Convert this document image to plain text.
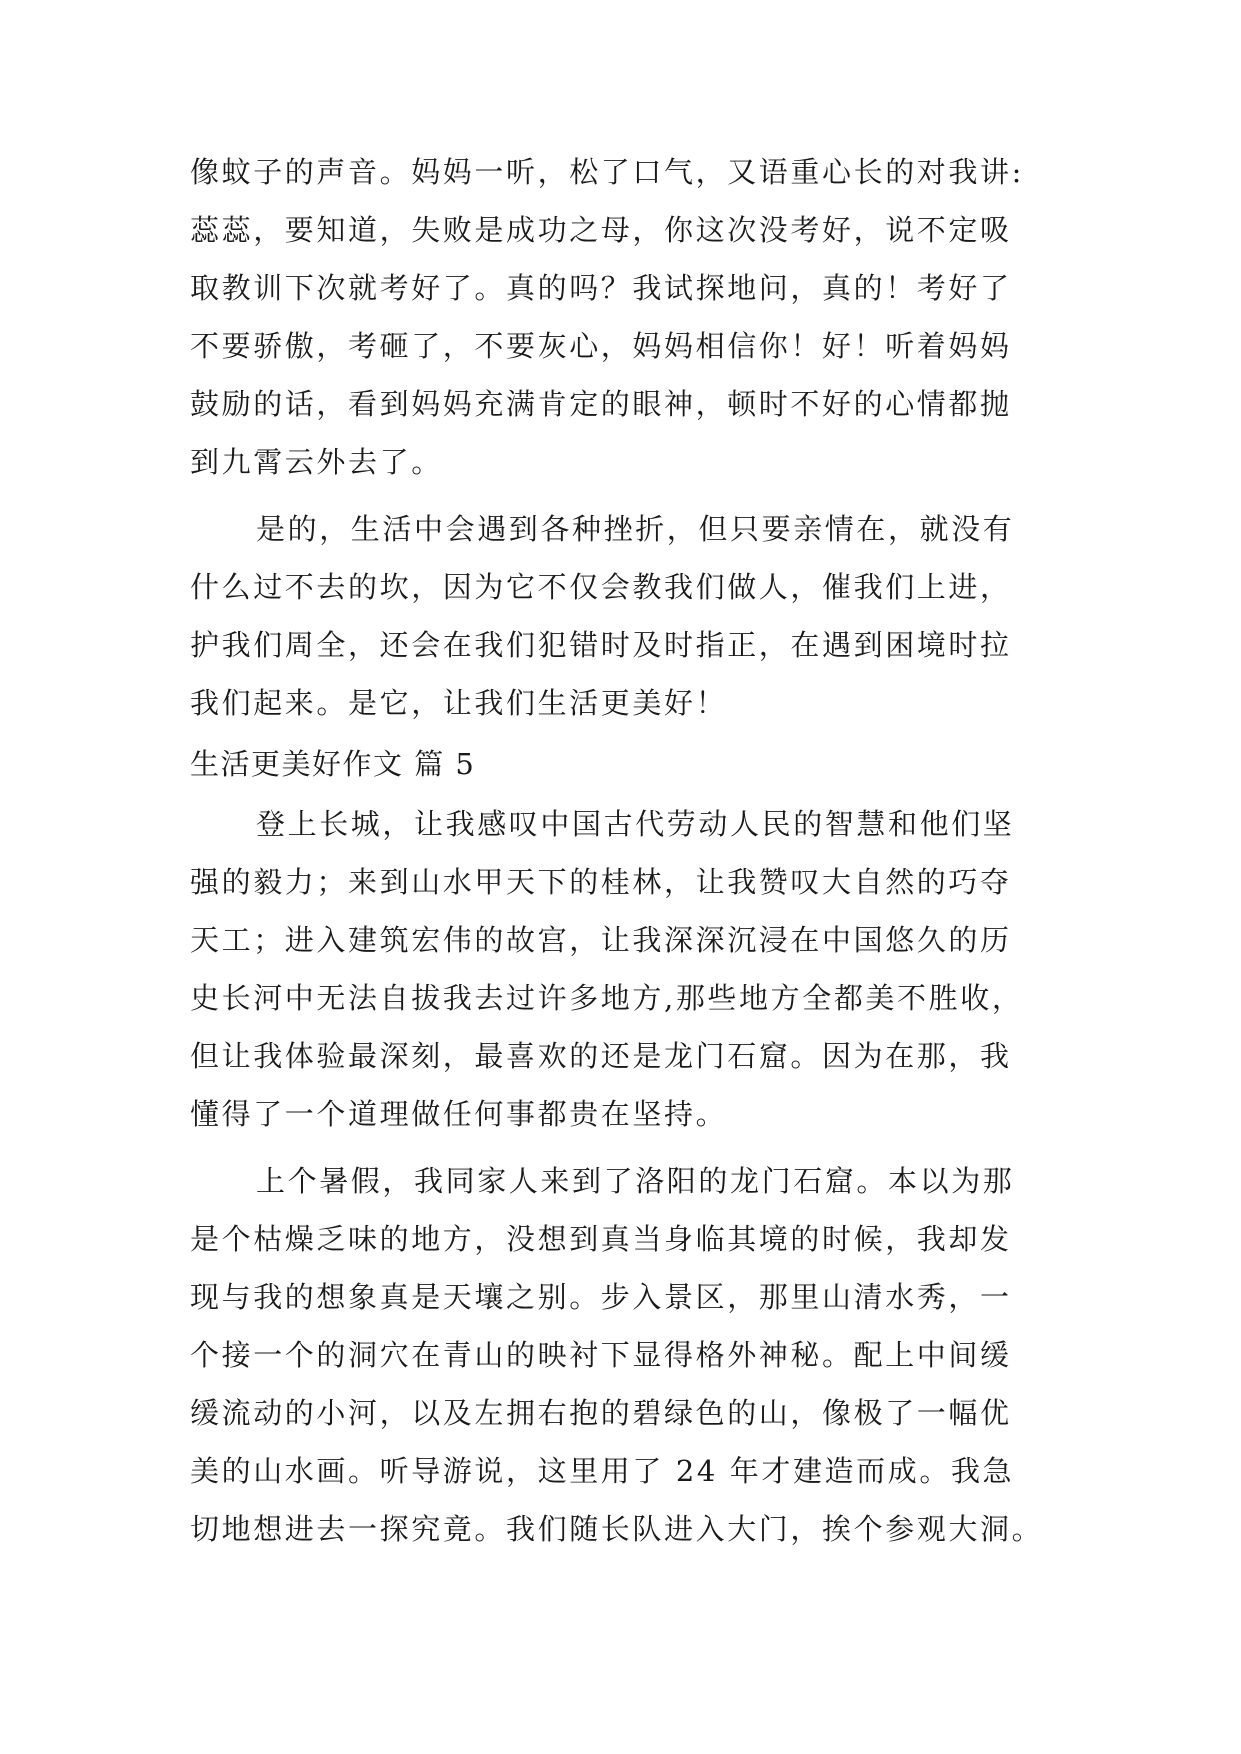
像蚊子的声音。妈妈一听，松了口气，又语重心长的对我讲:
蕊蕊，要知道，失败是成功之母，你这次没考好，说不定吸
取教训下次就考好了。真的吗？我试探地问，真的！考好了
不要骄傲，考砸了，不要灰心，妈妈相信你！好！听着妈妈
鼓励的话，看到妈妈充满肯定的眼神，顿时不好的心情都抛
到九霄云外去了。
是的，生活中会遇到各种挫折，但只要亲情在，就没有
什么过不去的坎，因为它不仅会教我们做人，催我们上进，
护我们周全，还会在我们犯错时及时指正，在遇到困境时拉
我们起来。是它，让我们生活更美好！
生活更美好作文 篇 5
登上长城，让我感叹中国古代劳动人民的智慧和他们坚
强的毅力；来到山水甲天下的桂林，让我赞叹大自然的巧夺
天工；进入建筑宏伟的故宫，让我深深沉浸在中国悠久的历
史长河中无法自拔我去过许多地方,那些地方全都美不胜收，
但让我体验最深刻，最喜欢的还是龙门石窟。因为在那，我
懂得了一个道理做任何事都贵在坚持。
上个暑假，我同家人来到了洛阳的龙门石窟。本以为那
是个枯燥乏味的地方，没想到真当身临其境的时候，我却发
现与我的想象真是天壤之别。步入景区，那里山清水秀，一
个接一个的洞穴在青山的映衬下显得格外神秘。配上中间缓
缓流动的小河，以及左拥右抱的碧绿色的山，像极了一幅优
美的山水画。听导游说，这里用了 24 年才建造而成。我急
切地想进去一探究竟。我们随长队进入大门，挨个参观大洞。
